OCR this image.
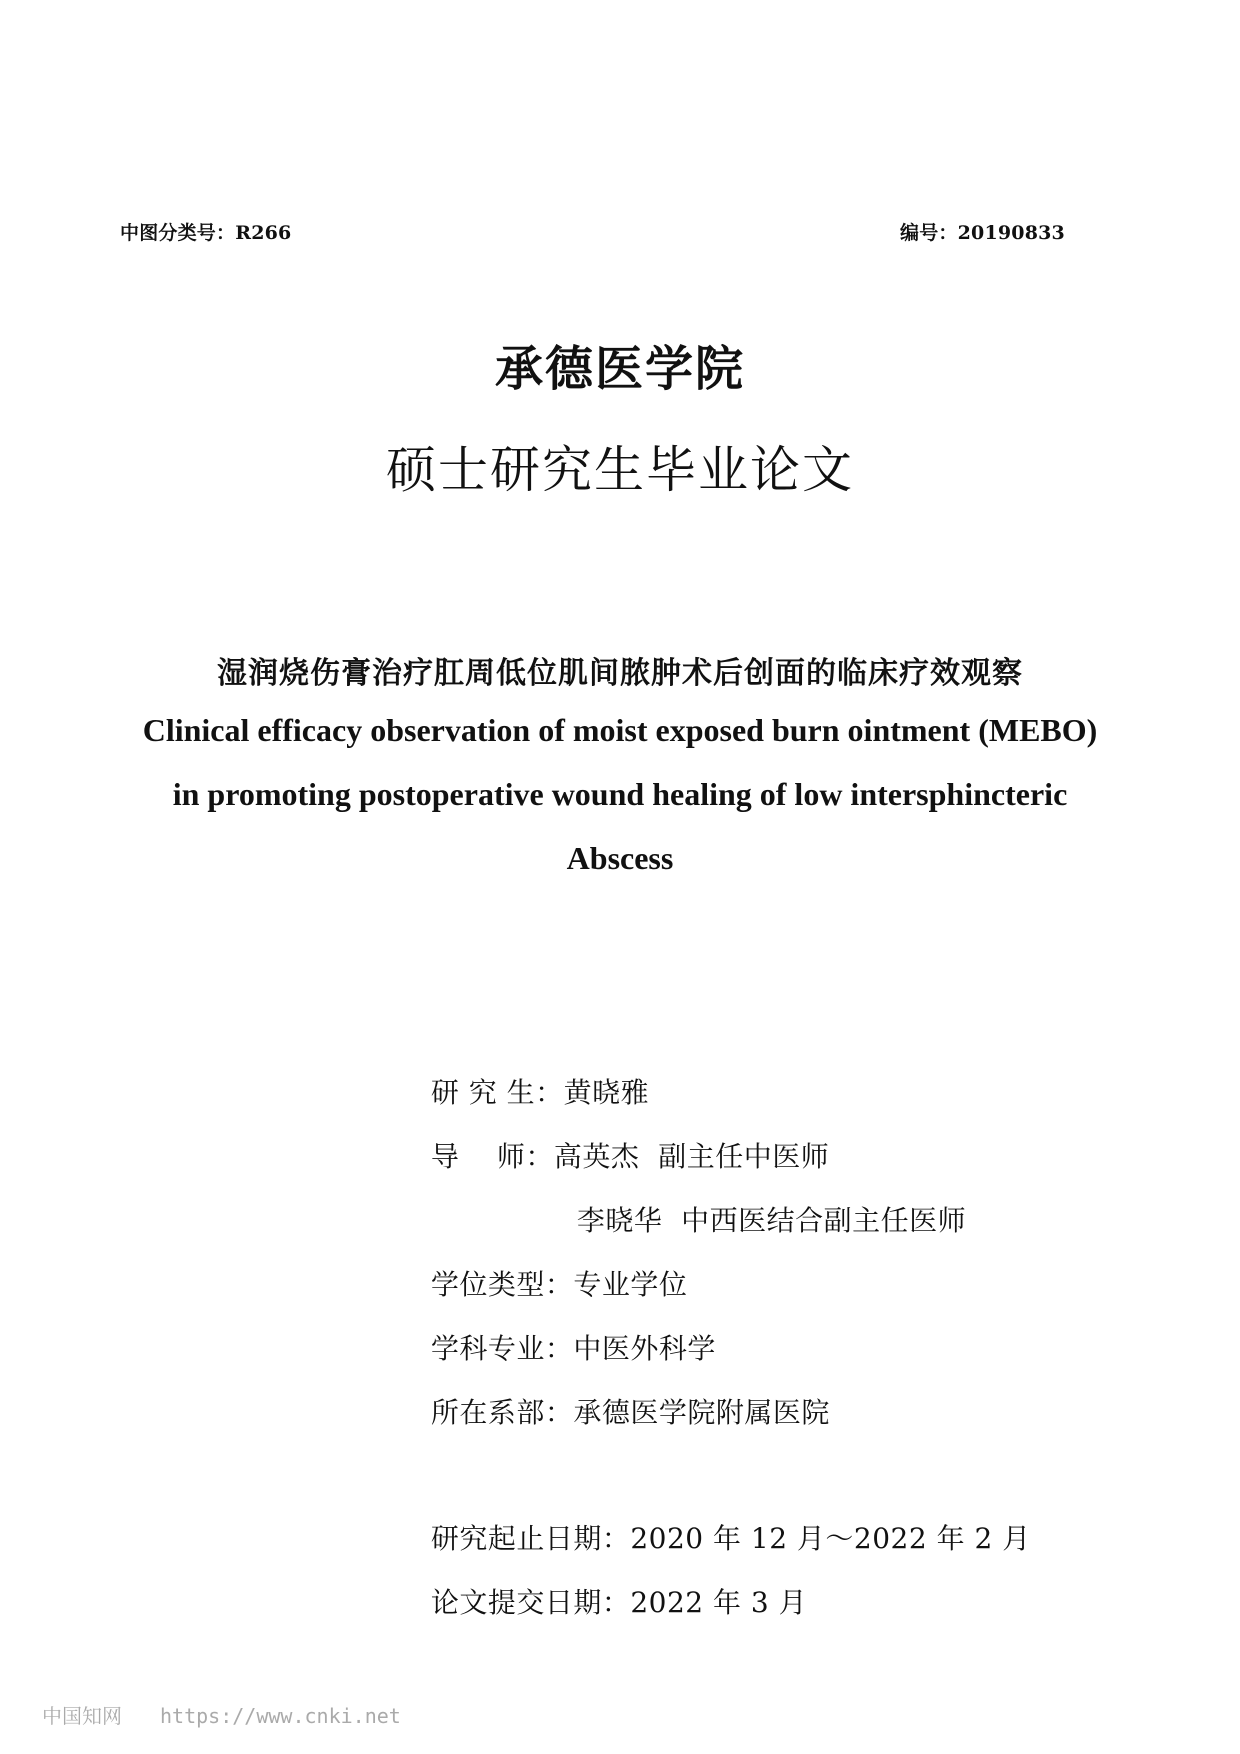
中图分类号：R266	编号：20190833
承德医学院
硕士研究生毕业论文
湿润烧伤膏治疗肛周低位肌间脓肿术后创面的临床疗效观察
Clinical efficacy observation of moist exposed burn ointment (MEBO)
in promoting postoperative wound healing of low intersphincteric
Abscess

研 究 生：黄晓雅

导    师：高英杰  副主任中医师

李晓华  中西医结合副主任医师

学位类型：专业学位

学科专业：中医外科学

所在系部：承德医学院附属医院

研究起止日期：2020 年 12 月～2022 年 2 月

论文提交日期：2022 年 3 月

中国知网 https://www.cnki.net
